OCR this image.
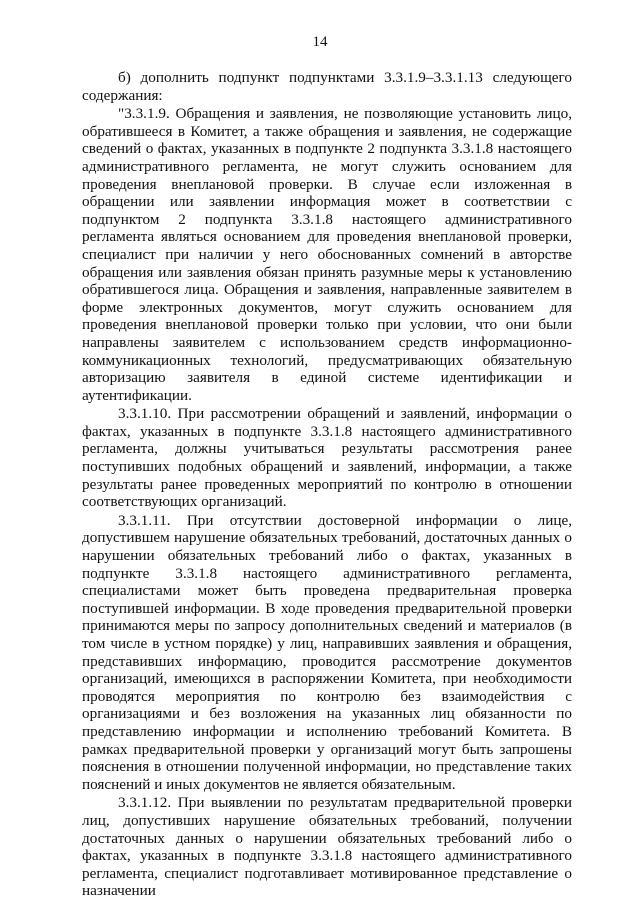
14

б) дополнить подпункт подпунктами 3.3.1.9–3.3.1.13 следующего содержания:

"3.3.1.9. Обращения и заявления, не позволяющие установить лицо, обратившееся в Комитет, а также обращения и заявления, не содержащие сведений о фактах, указанных в подпункте 2 подпункта 3.3.1.8 настоящего административного регламента, не могут служить основанием для проведения внеплановой проверки. В случае если изложенная в обращении или заявлении информация может в соответствии с подпунктом 2 подпункта 3.3.1.8 настоящего административного регламента являться основанием для проведения внеплановой проверки, специалист при наличии у него обоснованных сомнений в авторстве обращения или заявления обязан принять разумные меры к установлению обратившегося лица. Обращения и заявления, направленные заявителем в форме электронных документов, могут служить основанием для проведения внеплановой проверки только при условии, что они были направлены заявителем с использованием средств информационно-коммуникационных технологий, предусматривающих обязательную авторизацию заявителя в единой системе идентификации и аутентификации.

3.3.1.10. При рассмотрении обращений и заявлений, информации о фактах, указанных в подпункте 3.3.1.8 настоящего административного регламента, должны учитываться результаты рассмотрения ранее поступивших подобных обращений и заявлений, информации, а также результаты ранее проведенных мероприятий по контролю в отношении соответствующих организаций.

3.3.1.11. При отсутствии достоверной информации о лице, допустившем нарушение обязательных требований, достаточных данных о нарушении обязательных требований либо о фактах, указанных в подпункте 3.3.1.8 настоящего административного регламента, специалистами может быть проведена предварительная проверка поступившей информации. В ходе проведения предварительной проверки принимаются меры по запросу дополнительных сведений и материалов (в том числе в устном порядке) у лиц, направивших заявления и обращения, представивших информацию, проводится рассмотрение документов организаций, имеющихся в распоряжении Комитета, при необходимости проводятся мероприятия по контролю без взаимодействия с организациями и без возложения на указанных лиц обязанности по представлению информации и исполнению требований Комитета. В рамках предварительной проверки у организаций могут быть запрошены пояснения в отношении полученной информации, но представление таких пояснений и иных документов не является обязательным.

3.3.1.12. При выявлении по результатам предварительной проверки лиц, допустивших нарушение обязательных требований, получении достаточных данных о нарушении обязательных требований либо о фактах, указанных в подпункте 3.3.1.8 настоящего административного регламента, специалист подготавливает мотивированное представление о назначении
